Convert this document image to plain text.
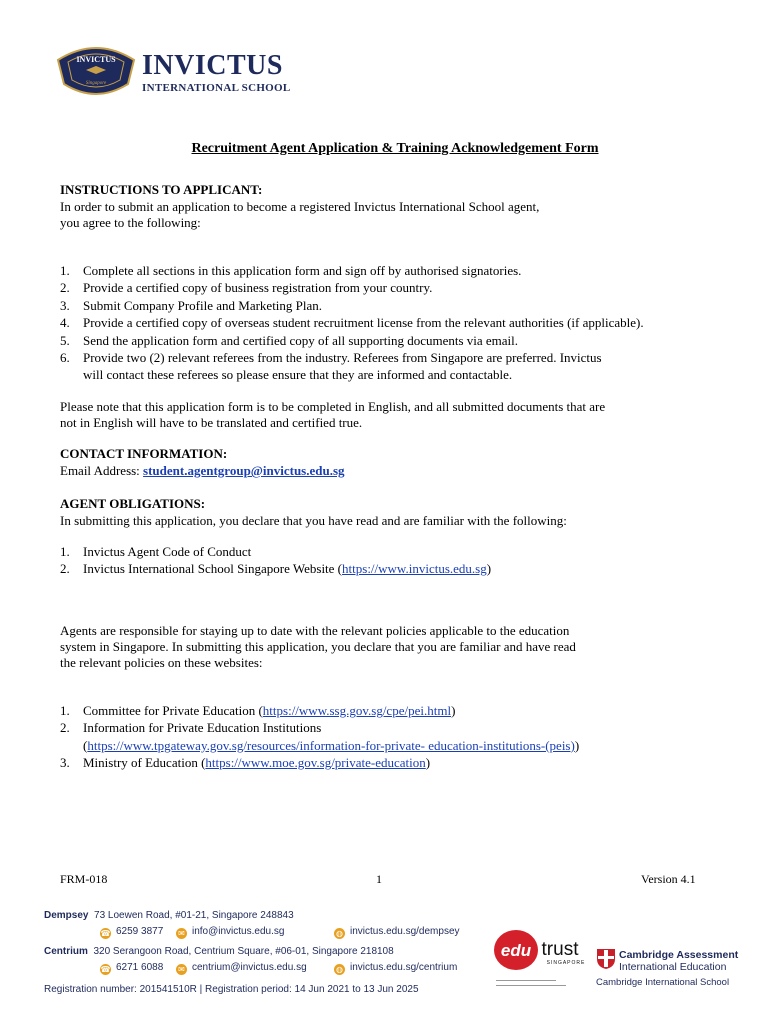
INVICTUS
Singapore
INVICTUS
INTERNATIONAL SCHOOL
Recruitment Agent Application & Training Acknowledgement Form
INSTRUCTIONS TO APPLICANT:
In order to submit an application to become a registered Invictus International School agent,
you agree to the following:
1. Complete all sections in this application form and sign off by authorised signatories.
2. Provide a certified copy of business registration from your country.
3. Submit Company Profile and Marketing Plan.
4. Provide a certified copy of overseas student recruitment license from the relevant authorities (if applicable).
5. Send the application form and certified copy of all supporting documents via email.
6. Provide two (2) relevant referees from the industry. Referees from Singapore are preferred. Invictus
will contact these referees so please ensure that they are informed and contactable.
Please note that this application form is to be completed in English, and all submitted documents that are
not in English will have to be translated and certified true.
CONTACT INFORMATION:
Email Address: student.agentgroup@invictus.edu.sg
AGENT OBLIGATIONS:
In submitting this application, you declare that you have read and are familiar with the following:
1. Invictus Agent Code of Conduct
2. Invictus International School Singapore Website (https://www.invictus.edu.sg)
Agents are responsible for staying up to date with the relevant policies applicable to the education
system in Singapore. In submitting this application, you declare that you are familiar and have read
the relevant policies on these websites:
1. Committee for Private Education (https://www.ssg.gov.sg/cpe/pei.html)
2. Information for Private Education Institutions
(https://www.tpgateway.gov.sg/resources/information-for-private- education-institutions-(peis))
3. Ministry of Education (https://www.moe.gov.sg/private-education)
FRM-018	1	Version 4.1
Dempsey 73 Loewen Road, #01-21, Singapore 248843
☎ 6259 3877 ✉ info@invictus.edu.sg	◍ invictus.edu.sg/dempsey
Centrium 320 Serangoon Road, Centrium Square, #06-01, Singapore 218108
☎ 6271 6088 ✉ centrium@invictus.edu.sg	◍ invictus.edu.sg/centrium
Registration number: 201541510R | Registration period: 14 Jun 2021 to 13 Jun 2025
edu trust
SINGAPORE
Cambridge Assessment
International Education
Cambridge International School
